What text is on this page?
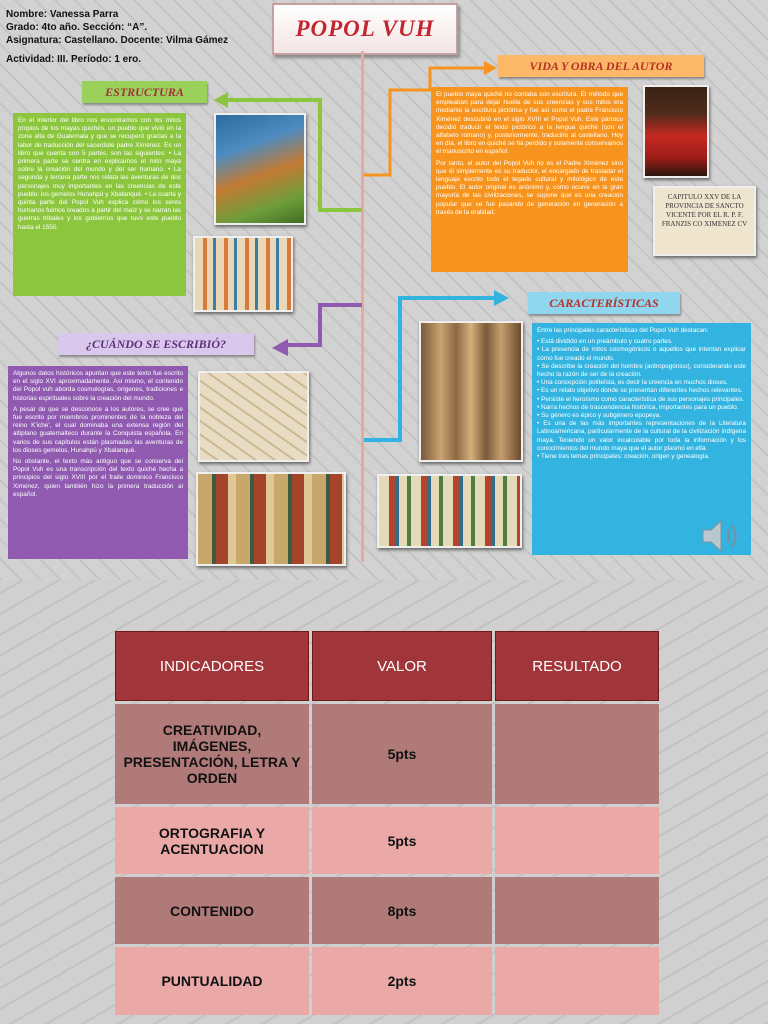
Nombre: Vanessa Parra
Grado: 4to año. Sección: “A”.
Asignatura: Castellano. Docente: Vilma Gámez
Actividad: III. Período: 1 ero.
POPOL VUH
ESTRUCTURA
En el interior del libro nos encontramos con los mitos propios de los mayas quichés, un pueblo que vivió en la zona alta de Guatemala y que se recuperó gracias a la labor de traducción del sacerdote padre Ximénez. Es un libro que cuenta con 5 partes, son las siguientes: • La primera parte se centra en explicarnos el mito maya sobre la creación del mundo y del ser humano. • La segunda y tercera parte nos relata las aventuras de dos personajes muy importantes en las creencias de este pueblo: los gemelos Hunahpú y Xbalanqué. • La cuarta y quinta parte del Popol Vuh explica cómo los seres humanos fuimos creados a partir del maíz y se narran las guerras tribales y los gobiernos que tuvo este pueblo hasta el 1550.
VIDA Y OBRA DEL AUTOR

El pueblo maya quiché no contaba con escritura. El método que empleaban para dejar huella de sus creencias y sus mitos era mediante la escritura pictórica y fue así como el padre Francisco Ximénez descubrió en el siglo XVIII el Popol Vuh. Este párroco decidió traducir el texto pictórico a la lengua quiché (con el alfabeto romano) y, posteriormente, traducirlo al castellano. Hoy en día, el libro en quiché se ha perdido y solamente conservamos el manuscrito en español.

Por tanto, el autor del Popol Vuh no es el Padre Ximénez sino que él simplemente es su traductor, el encargado de trasladar el lenguaje escrito todo el legado cultural y mitológico de este pueblo. El autor original es anónimo y, como ocurre en la gran mayoría de las civilizaciones, se supone que es una creación popular que se fue pasando de generación en generación a través de la oralidad.

CAPITULO XXV DE LA PROVINCIA DE SANCTO VICENTE POR EL R. P. F. FRANZIS CO XIMENEZ CV
¿CUÁNDO SE ESCRIBIÓ?

Algunos datos históricos apuntan que este texto fue escrito en el siglo XVI aproximadamente. Así mismo, el contenido del Popol vuh aborda cosmologías, orígenes, tradiciones e historias espirituales sobre la creación del mundo.

A pesar de que se desconoce a los autores, se cree que fue escrito por miembros prominentes de la nobleza del reino K'iche', el cual dominaba una extensa región del altiplano guatemalteco durante la Conquista española. En varios de sus capítulos están plasmadas las aventuras de los dioses gemelos, Hunahpú y Xbalanqué.

No obstante, el texto más antiguo que se conserva del Popol Vuh es una transcripción del texto quiché hecha a principios del siglo XVIII por el fraile dominico Francisco Ximénez, quien también hizo la primera traducción al español.

CARACTERÍSTICAS

Entre las principales características del Popol Vuh destacan:

• Está dividido en un preámbulo y cuatro partes.
• La presencia de mitos cosmogónicos o aquellos que intentan explicar cómo fue creado el mundo.
• Se describe la creación del hombre (antropogónico), considerando este hecho la razón de ser de la creación.
• Una concepción politeísta, es decir la creencia en muchos dioses.
• Es un relato objetivo donde se presentan diferentes hechos relevantes.
• Persiste el heroísmo como característica de sus personajes principales.
• Narra hechos de trascendencia histórica, importantes para un pueblo.
• Su género es épico y subgénero epopeya.
• Es una de las más importantes representaciones de la Literatura Latinoamericana, particularmente de la cultural de la civilización indígena maya. Teniendo un valor incalculable por toda la información y los conocimientos del mundo maya que el autor plasmó en ella.
• Tiene tres temas principales: creación, origen y genealogía.
INDICADORES	VALOR	RESULTADO
CREATIVIDAD, IMÁGENES, PRESENTACIÓN, LETRA Y ORDEN	5pts	
ORTOGRAFIA Y ACENTUACION	5pts	
CONTENIDO	8pts	
PUNTUALIDAD	2pts	
